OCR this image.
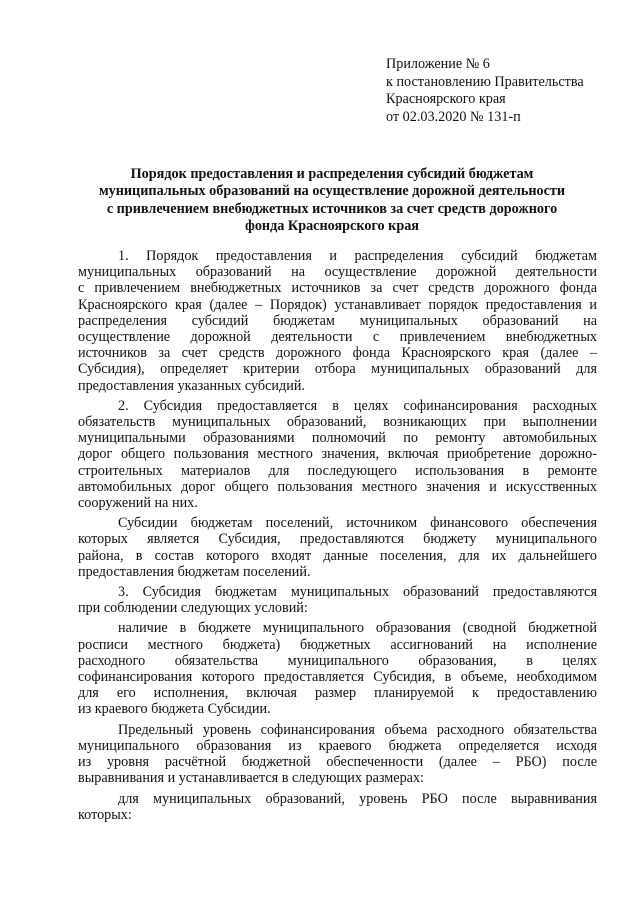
Приложение № 6
к постановлению Правительства
Красноярского края
от 02.03.2020 № 131-п
Порядок предоставления и распределения субсидий бюджетам
муниципальных образований на осуществление дорожной деятельности
с привлечением внебюджетных источников за счет средств дорожного
фонда Красноярского края
1. Порядок предоставления и распределения субсидий бюджетам
муниципальных образований на осуществление дорожной деятельности
с привлечением внебюджетных источников за счет средств дорожного фонда
Красноярского края (далее – Порядок) устанавливает порядок предоставления и
распределения субсидий бюджетам муниципальных образований на
осуществление дорожной деятельности с привлечением внебюджетных
источников за счет средств дорожного фонда Красноярского края (далее –
Субсидия), определяет критерии отбора муниципальных образований для
предоставления указанных субсидий.
2. Субсидия предоставляется в целях софинансирования расходных
обязательств муниципальных образований, возникающих при выполнении
муниципальными образованиями полномочий по ремонту автомобильных
дорог общего пользования местного значения, включая приобретение дорожно-
строительных материалов для последующего использования в ремонте
автомобильных дорог общего пользования местного значения и искусственных
сооружений на них.
Субсидии бюджетам поселений, источником финансового обеспечения
которых является Субсидия, предоставляются бюджету муниципального
района, в состав которого входят данные поселения, для их дальнейшего
предоставления бюджетам поселений.
3. Субсидия бюджетам муниципальных образований предоставляются
при соблюдении следующих условий:
наличие в бюджете муниципального образования (сводной бюджетной
росписи местного бюджета) бюджетных ассигнований на исполнение
расходного обязательства муниципального образования, в целях
софинансирования которого предоставляется Субсидия, в объеме, необходимом
для его исполнения, включая размер планируемой к предоставлению
из краевого бюджета Субсидии.
Предельный уровень софинансирования объема расходного обязательства
муниципального образования из краевого бюджета определяется исходя
из уровня расчётной бюджетной обеспеченности (далее – РБО) после
выравнивания и устанавливается в следующих размерах:
для муниципальных образований, уровень РБО после выравнивания
которых:
